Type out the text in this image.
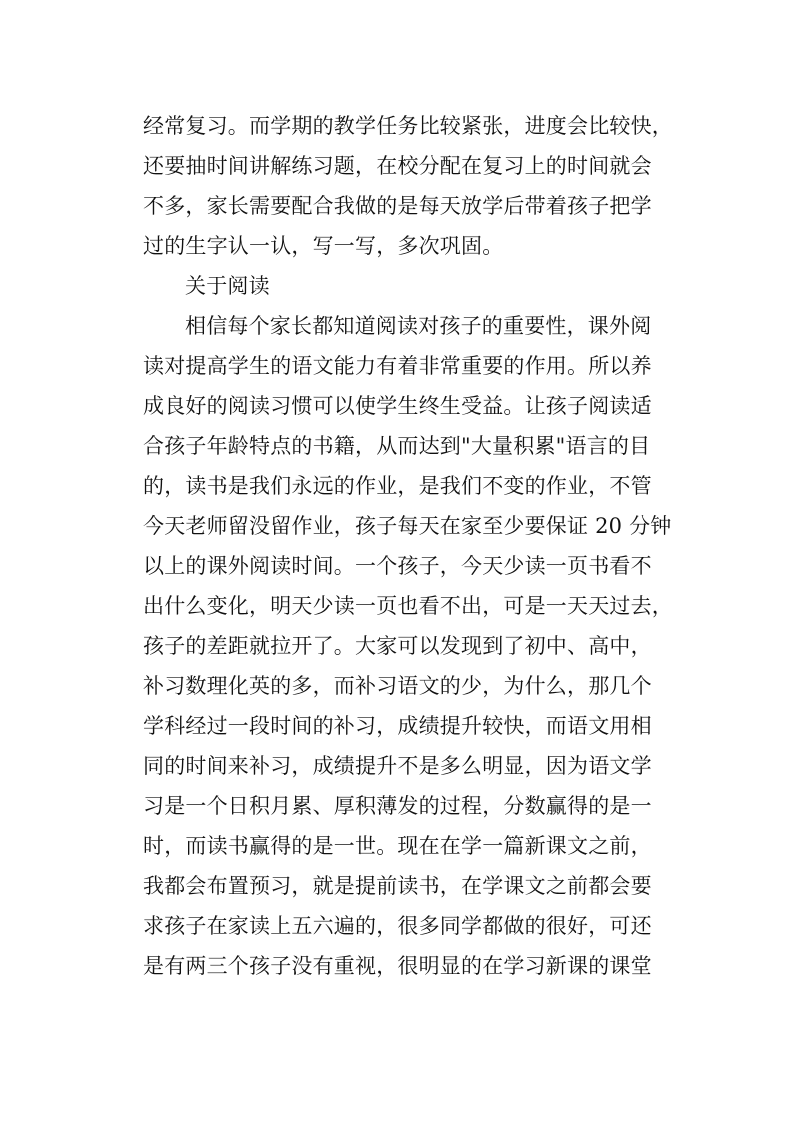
经常复习。而学期的教学任务比较紧张，进度会比较快，
还要抽时间讲解练习题，在校分配在复习上的时间就会
不多，家长需要配合我做的是每天放学后带着孩子把学
过的生字认一认，写一写，多次巩固。
关于阅读
相信每个家长都知道阅读对孩子的重要性，课外阅
读对提高学生的语文能力有着非常重要的作用。所以养
成良好的阅读习惯可以使学生终生受益。让孩子阅读适
合孩子年龄特点的书籍，从而达到"大量积累"语言的目
的，读书是我们永远的作业，是我们不变的作业，不管
今天老师留没留作业，孩子每天在家至少要保证 20 分钟
以上的课外阅读时间。一个孩子，今天少读一页书看不
出什么变化，明天少读一页也看不出，可是一天天过去，
孩子的差距就拉开了。大家可以发现到了初中、高中，
补习数理化英的多，而补习语文的少，为什么，那几个
学科经过一段时间的补习，成绩提升较快，而语文用相
同的时间来补习，成绩提升不是多么明显，因为语文学
习是一个日积月累、厚积薄发的过程，分数赢得的是一
时，而读书赢得的是一世。现在在学一篇新课文之前，
我都会布置预习，就是提前读书，在学课文之前都会要
求孩子在家读上五六遍的，很多同学都做的很好，可还
是有两三个孩子没有重视，很明显的在学习新课的课堂
